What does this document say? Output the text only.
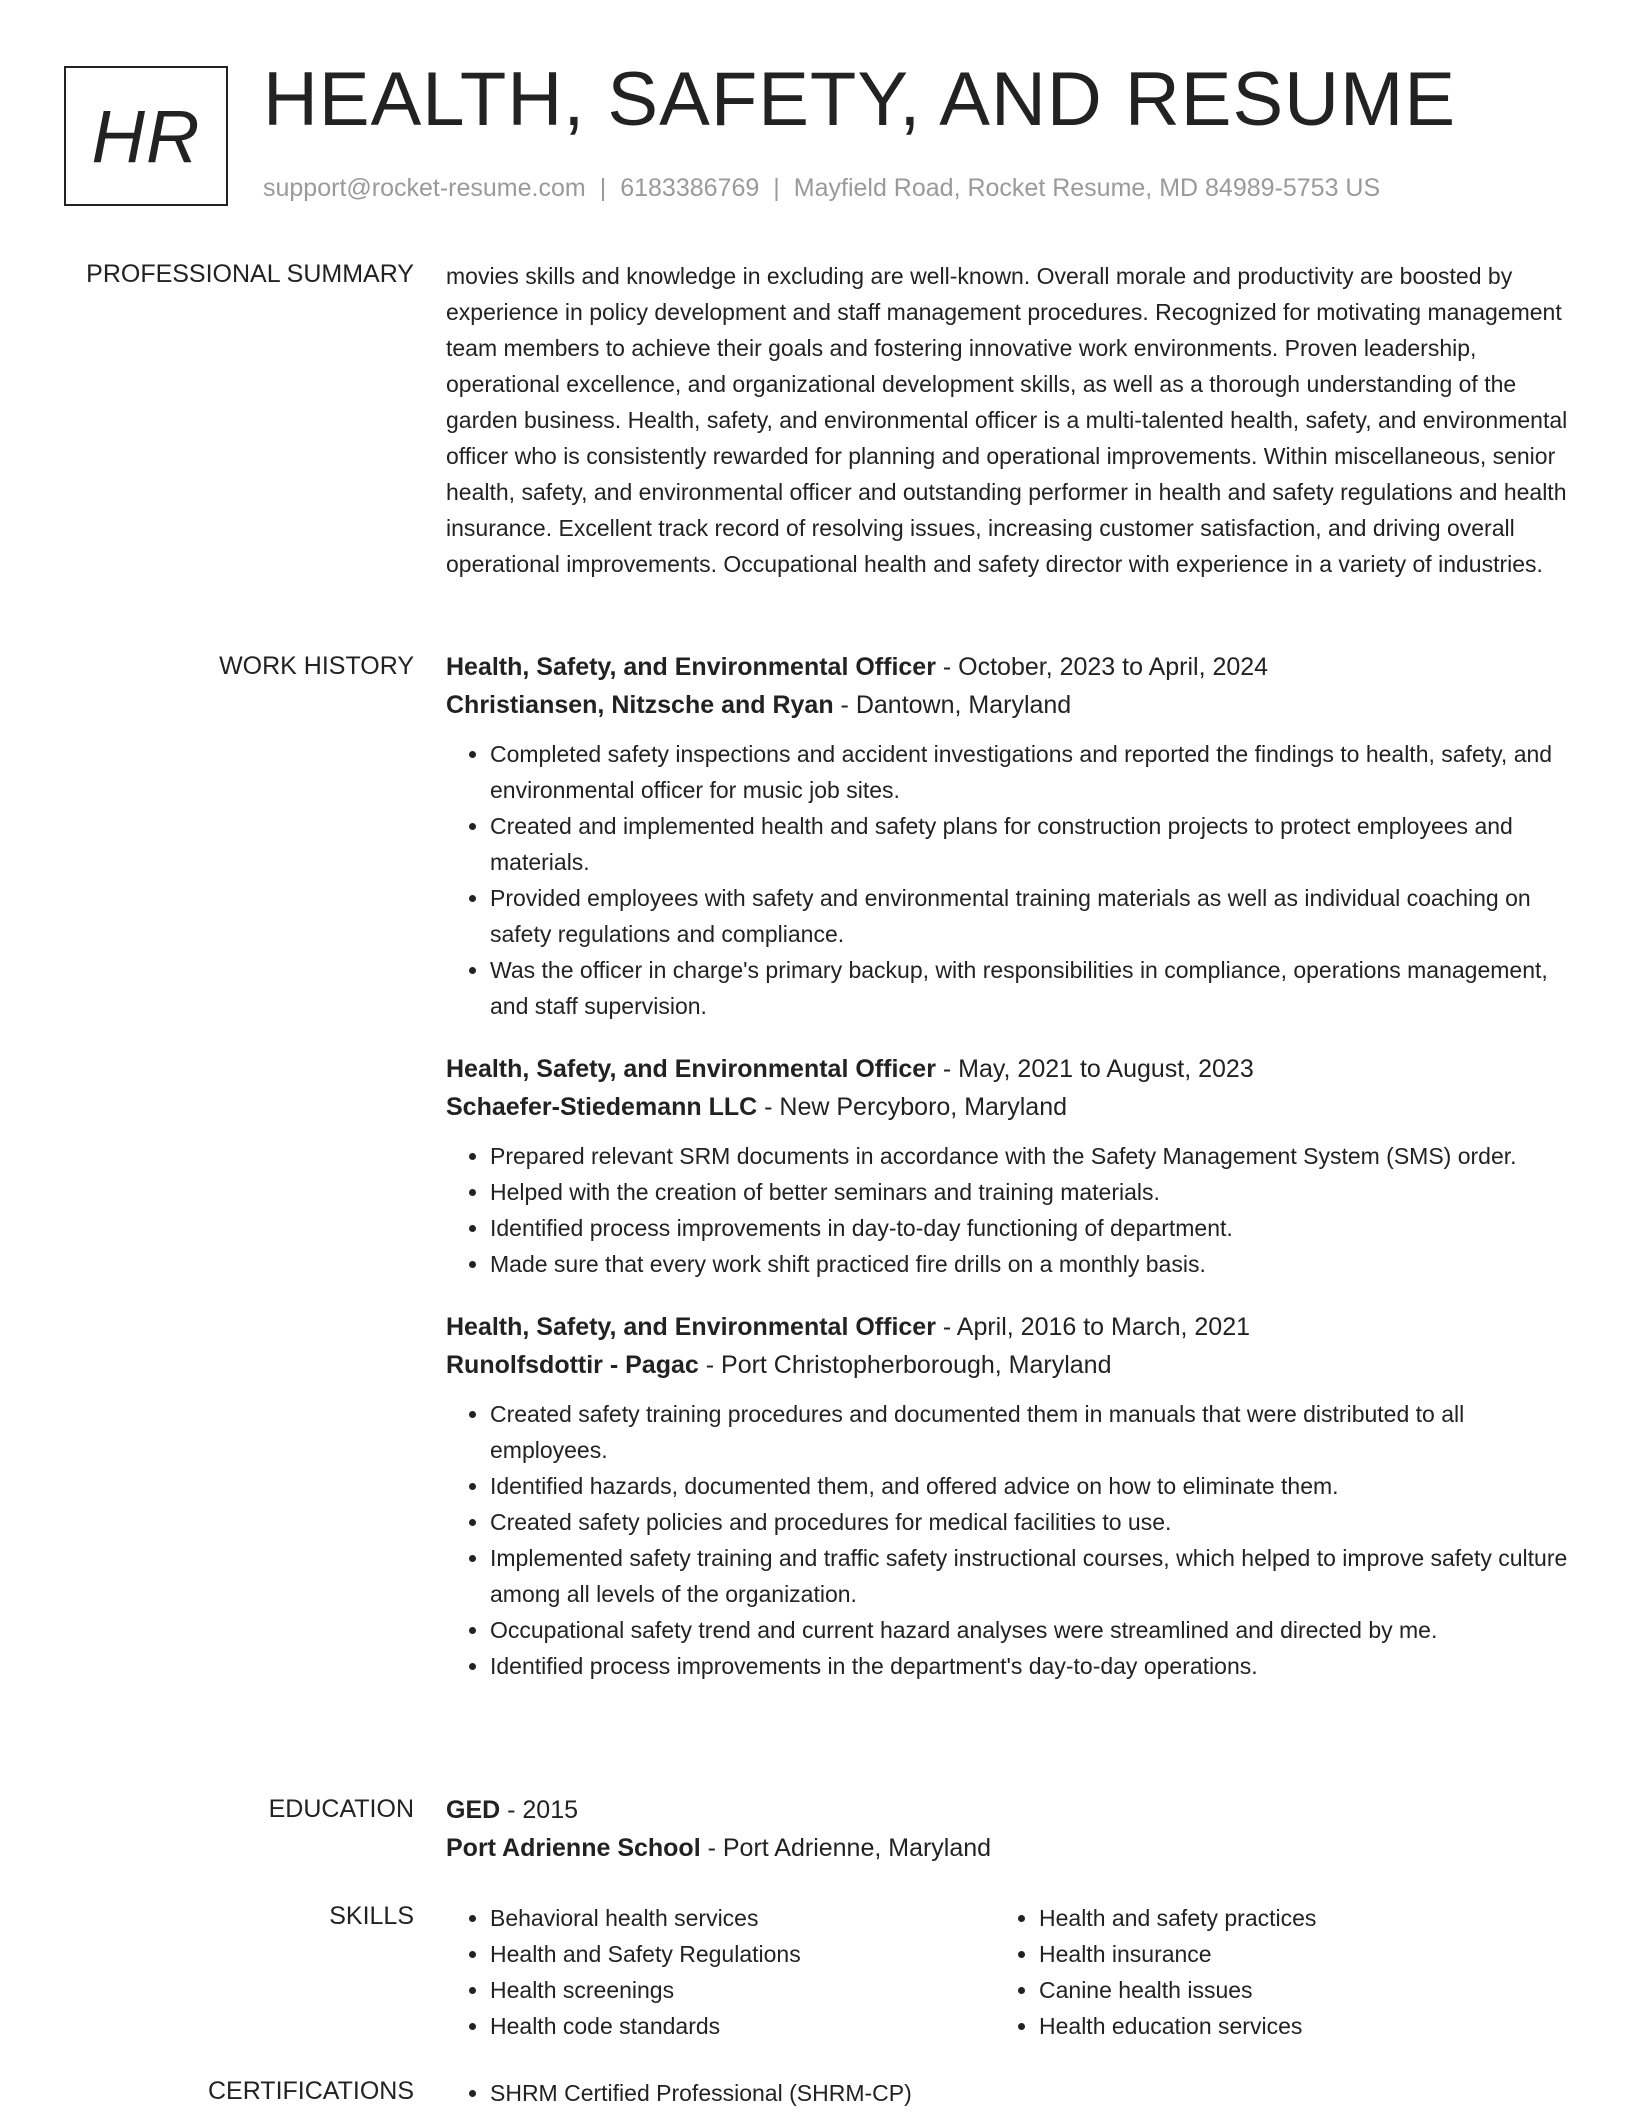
HR HEALTH, SAFETY, AND RESUME
support@rocket-resume.com | 6183386769 | Mayfield Road, Rocket Resume, MD 84989-5753 US
PROFESSIONAL SUMMARY movies skills and knowledge in excluding are well-known. Overall morale and productivity are boosted by experience in policy development and staff management procedures. Recognized for motivating management team members to achieve their goals and fostering innovative work environments. Proven leadership, operational excellence, and organizational development skills, as well as a thorough understanding of the garden business. Health, safety, and environmental officer is a multi-talented health, safety, and environmental officer who is consistently rewarded for planning and operational improvements. Within miscellaneous, senior health, safety, and environmental officer and outstanding performer in health and safety regulations and health insurance. Excellent track record of resolving issues, increasing customer satisfaction, and driving overall operational improvements. Occupational health and safety director with experience in a variety of industries.

WORK HISTORY Health, Safety, and Environmental Officer - October, 2023 to April, 2024
Christiansen, Nitzsche and Ryan - Dantown, Maryland
• Completed safety inspections and accident investigations and reported the findings to health, safety, and environmental officer for music job sites.
• Created and implemented health and safety plans for construction projects to protect employees and materials.
• Provided employees with safety and environmental training materials as well as individual coaching on safety regulations and compliance.
• Was the officer in charge's primary backup, with responsibilities in compliance, operations management, and staff supervision.
Health, Safety, and Environmental Officer - May, 2021 to August, 2023
Schaefer-Stiedemann LLC - New Percyboro, Maryland
• Prepared relevant SRM documents in accordance with the Safety Management System (SMS) order.
• Helped with the creation of better seminars and training materials.
• Identified process improvements in day-to-day functioning of department.
• Made sure that every work shift practiced fire drills on a monthly basis.
Health, Safety, and Environmental Officer - April, 2016 to March, 2021
Runolfsdottir - Pagac - Port Christopherborough, Maryland
• Created safety training procedures and documented them in manuals that were distributed to all employees.
• Identified hazards, documented them, and offered advice on how to eliminate them.
• Created safety policies and procedures for medical facilities to use.
• Implemented safety training and traffic safety instructional courses, which helped to improve safety culture among all levels of the organization.
• Occupational safety trend and current hazard analyses were streamlined and directed by me.
• Identified process improvements in the department's day-to-day operations.
EDUCATION GED - 2015
Port Adrienne School - Port Adrienne, Maryland
SKILLS	• Behavioral health services
• Health and Safety Regulations
• Health screenings
• Health code standards
• Health and safety practices
• Health insurance
• Canine health issues
• Health education services
CERTIFICATIONS	• SHRM Certified Professional (SHRM-CP)
